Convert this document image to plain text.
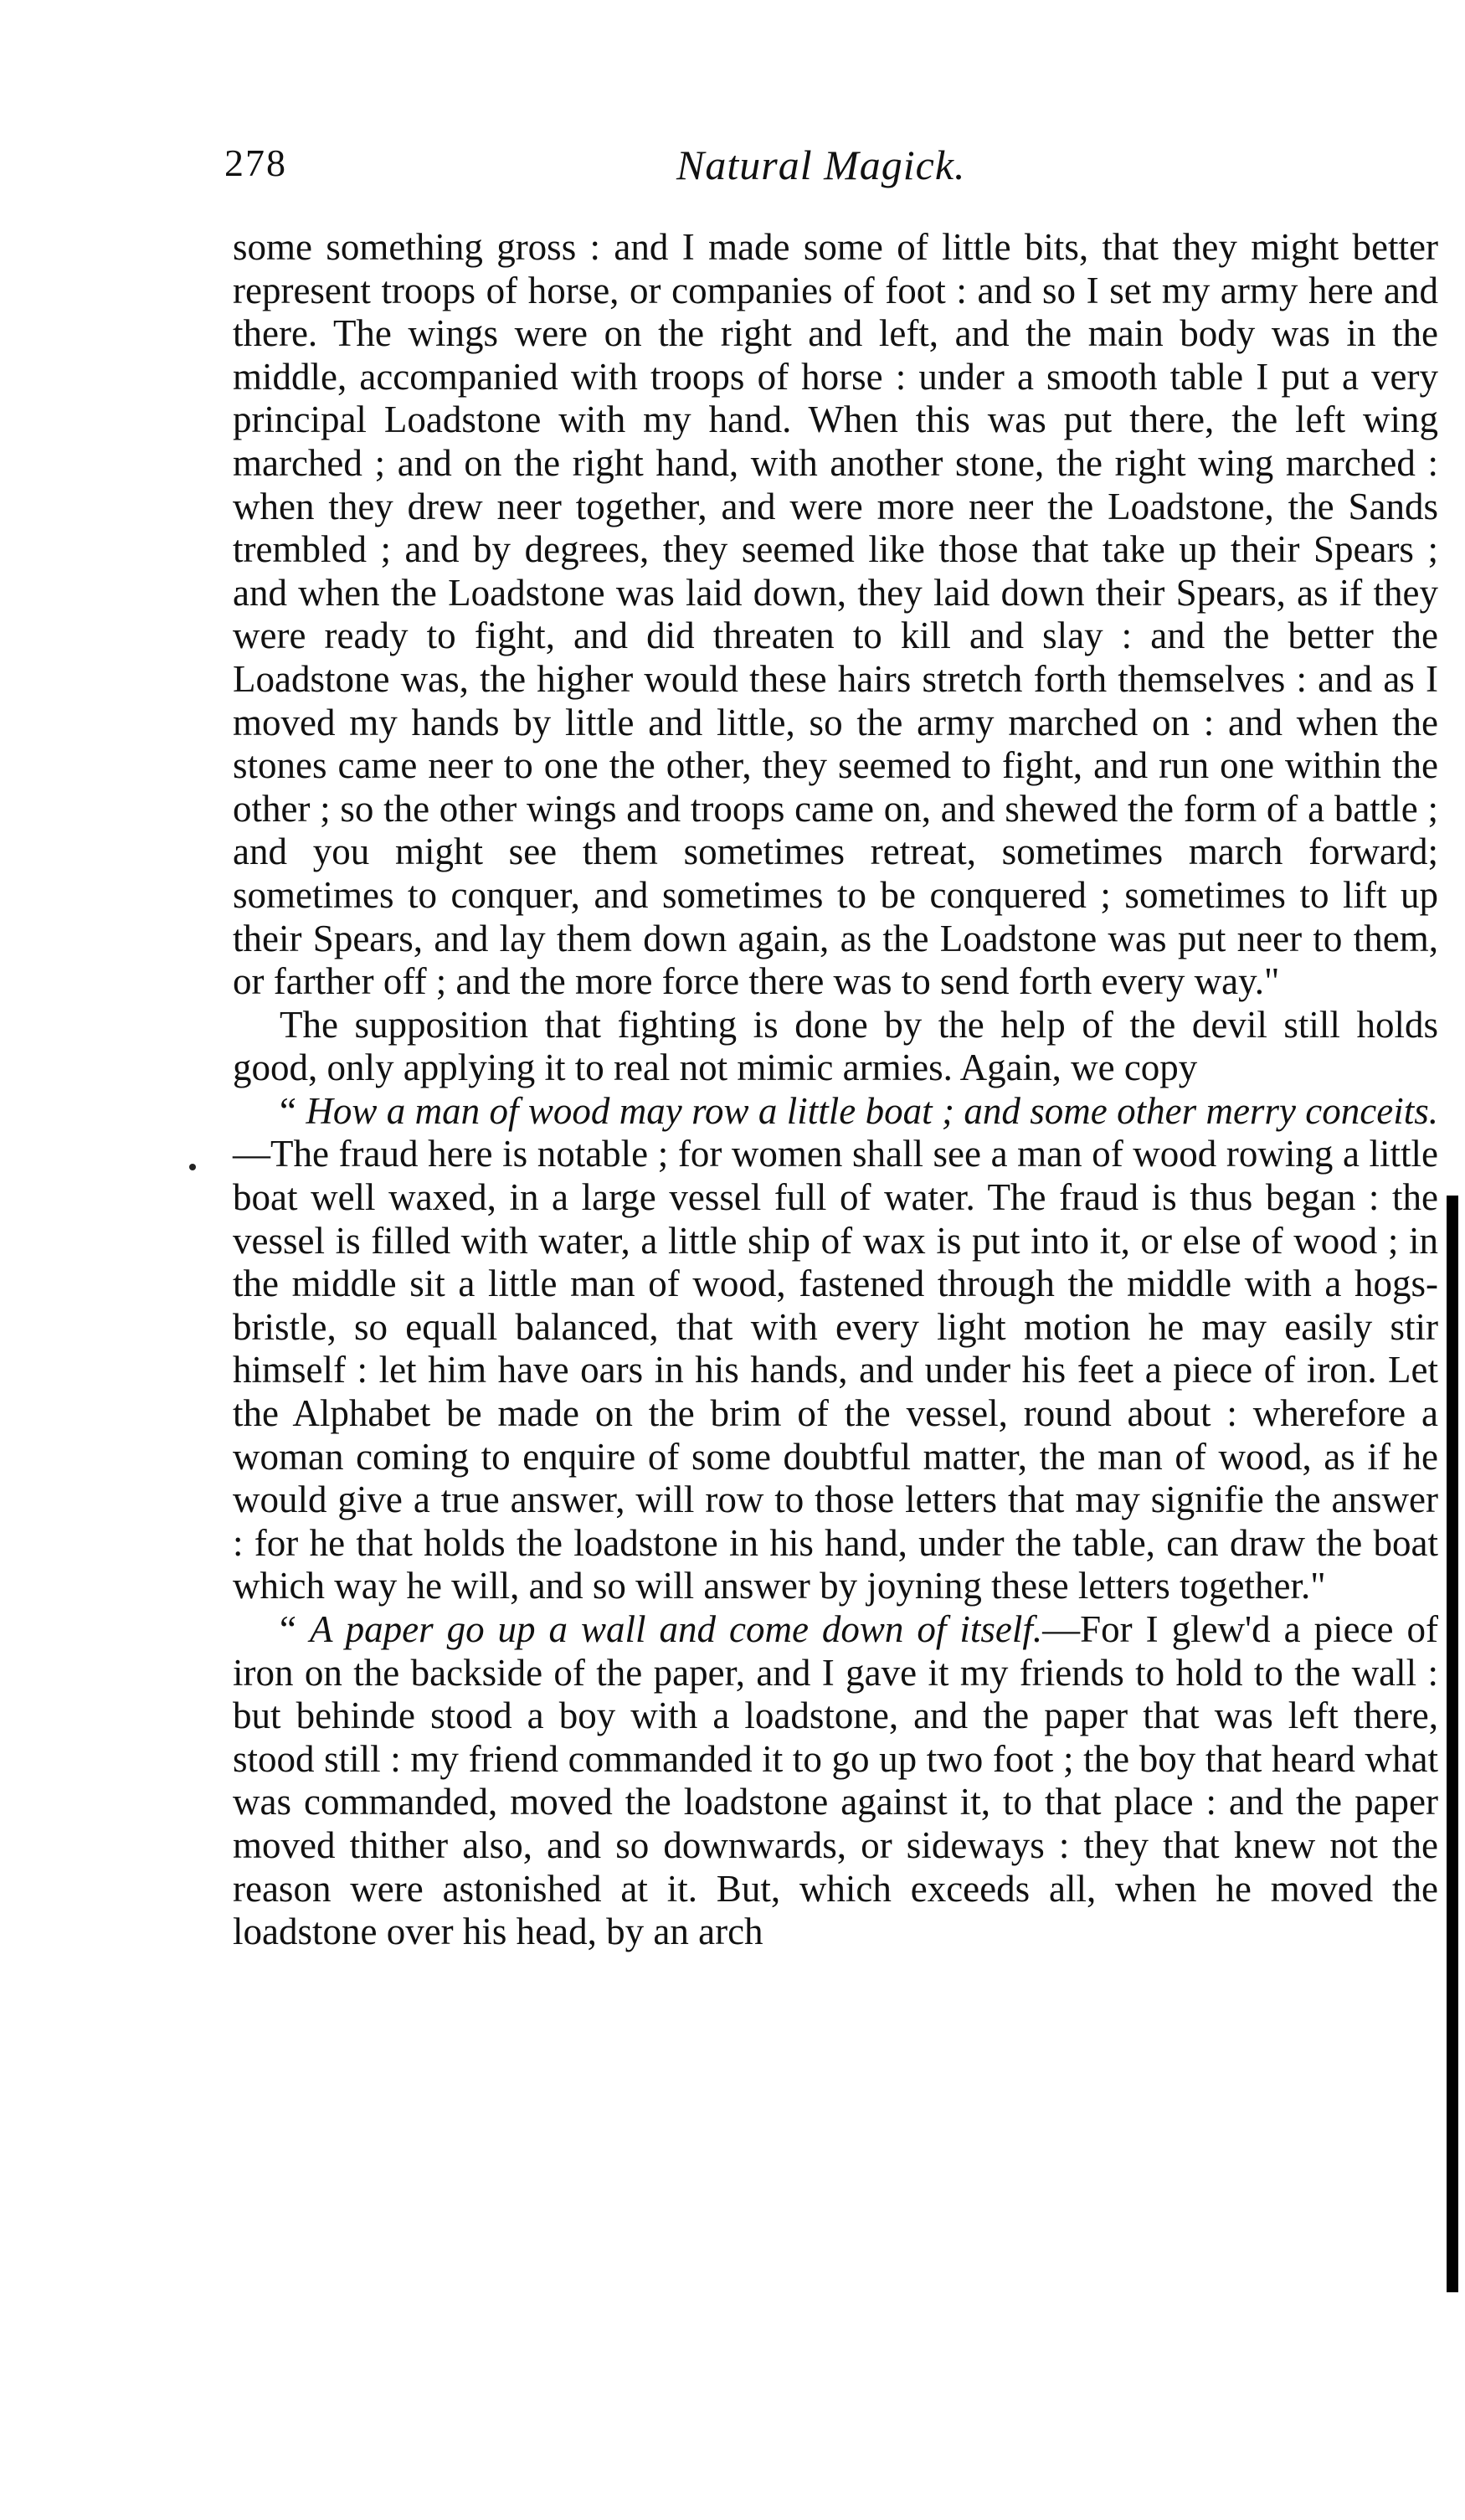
278	Natural Magick.

some something gross : and I made some of little bits, that they might better represent troops of horse, or companies of foot : and so I set my army here and there. The wings were on the right and left, and the main body was in the middle, accompanied with troops of horse : under a smooth table I put a very principal Loadstone with my hand. When this was put there, the left wing marched ; and on the right hand, with another stone, the right wing marched : when they drew neer together, and were more neer the Loadstone, the Sands trembled ; and by degrees, they seemed like those that take up their Spears ; and when the Loadstone was laid down, they laid down their Spears, as if they were ready to fight, and did threaten to kill and slay : and the better the Loadstone was, the higher would these hairs stretch forth themselves : and as I moved my hands by little and little, so the army marched on : and when the stones came neer to one the other, they seemed to fight, and run one within the other ; so the other wings and troops came on, and shewed the form of a battle ; and you might see them sometimes retreat, sometimes march forward; sometimes to conquer, and sometimes to be conquered ; sometimes to lift up their Spears, and lay them down again, as the Loadstone was put neer to them, or farther off ; and the more force there was to send forth every way."

The supposition that fighting is done by the help of the devil still holds good, only applying it to real not mimic armies. Again, we copy

“ How a man of wood may row a little boat ; and some other merry conceits.—The fraud here is notable ; for women shall see a man of wood rowing a little boat well waxed, in a large vessel full of water. The fraud is thus began : the vessel is filled with water, a little ship of wax is put into it, or else of wood ; in the middle sit a little man of wood, fastened through the middle with a hogs-bristle, so equall balanced, that with every light motion he may easily stir himself : let him have oars in his hands, and under his feet a piece of iron. Let the Alphabet be made on the brim of the vessel, round about : wherefore a woman coming to enquire of some doubtful matter, the man of wood, as if he would give a true answer, will row to those letters that may signifie the answer : for he that holds the loadstone in his hand, under the table, can draw the boat which way he will, and so will answer by joyning these letters together."

“ A paper go up a wall and come down of itself.—For I glew'd a piece of iron on the backside of the paper, and I gave it my friends to hold to the wall : but behinde stood a boy with a loadstone, and the paper that was left there, stood still : my friend commanded it to go up two foot ; the boy that heard what was commanded, moved the loadstone against it, to that place : and the paper moved thither also, and so downwards, or sideways : they that knew not the reason were astonished at it. But, which exceeds all, when he moved the loadstone over his head, by an arch
